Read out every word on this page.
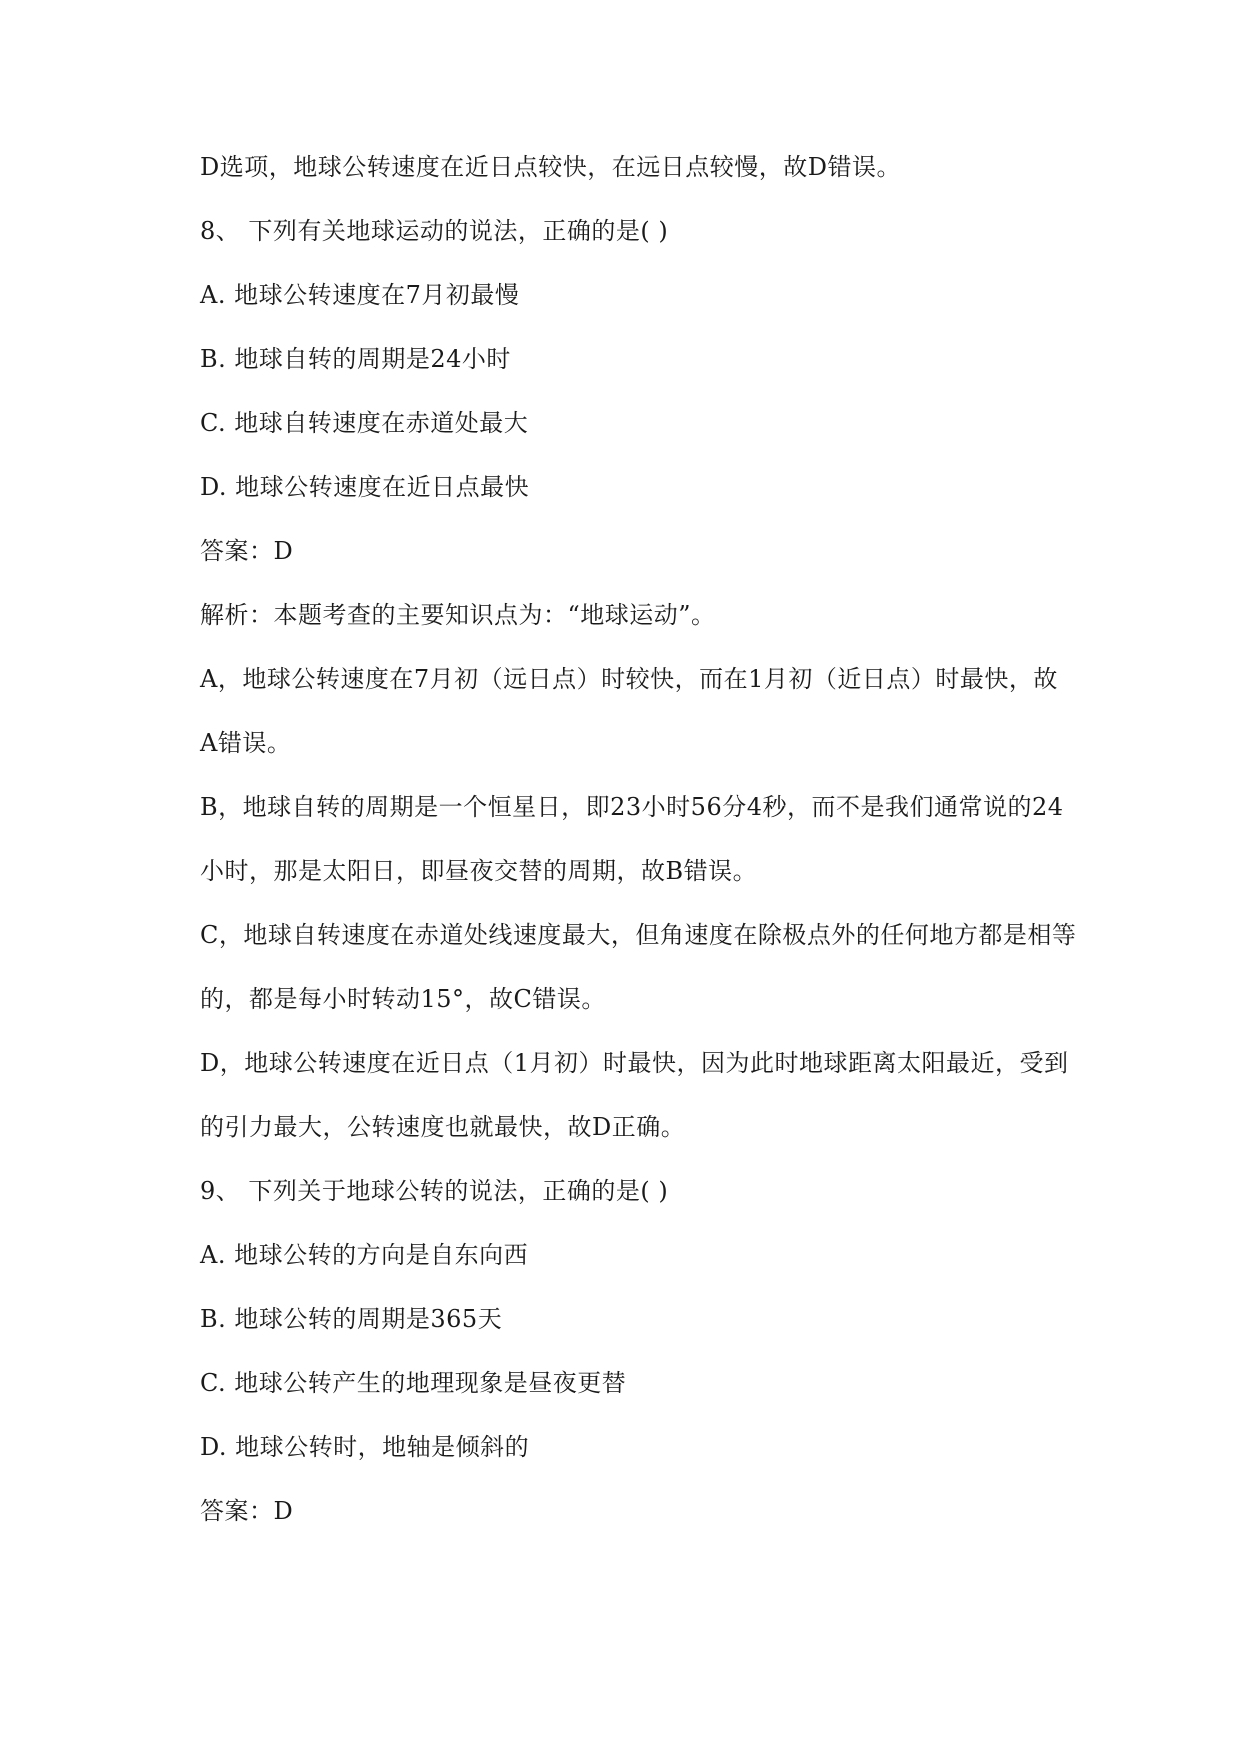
D选项，地球公转速度在近日点较快，在远日点较慢，故D错误。
8、 下列有关地球运动的说法，正确的是( )
A. 地球公转速度在7月初最慢
B. 地球自转的周期是24小时
C. 地球自转速度在赤道处最大
D. 地球公转速度在近日点最快
答案：D
解析：本题考查的主要知识点为：“地球运动”。
A，地球公转速度在7月初（远日点）时较快，而在1月初（近日点）时最快，故
A错误。
B，地球自转的周期是一个恒星日，即23小时56分4秒，而不是我们通常说的24
小时，那是太阳日，即昼夜交替的周期，故B错误。
C，地球自转速度在赤道处线速度最大，但角速度在除极点外的任何地方都是相等
的，都是每小时转动15°，故C错误。
D，地球公转速度在近日点（1月初）时最快，因为此时地球距离太阳最近，受到
的引力最大，公转速度也就最快，故D正确。
9、 下列关于地球公转的说法，正确的是( )
A. 地球公转的方向是自东向西
B. 地球公转的周期是365天
C. 地球公转产生的地理现象是昼夜更替
D. 地球公转时，地轴是倾斜的
答案：D
